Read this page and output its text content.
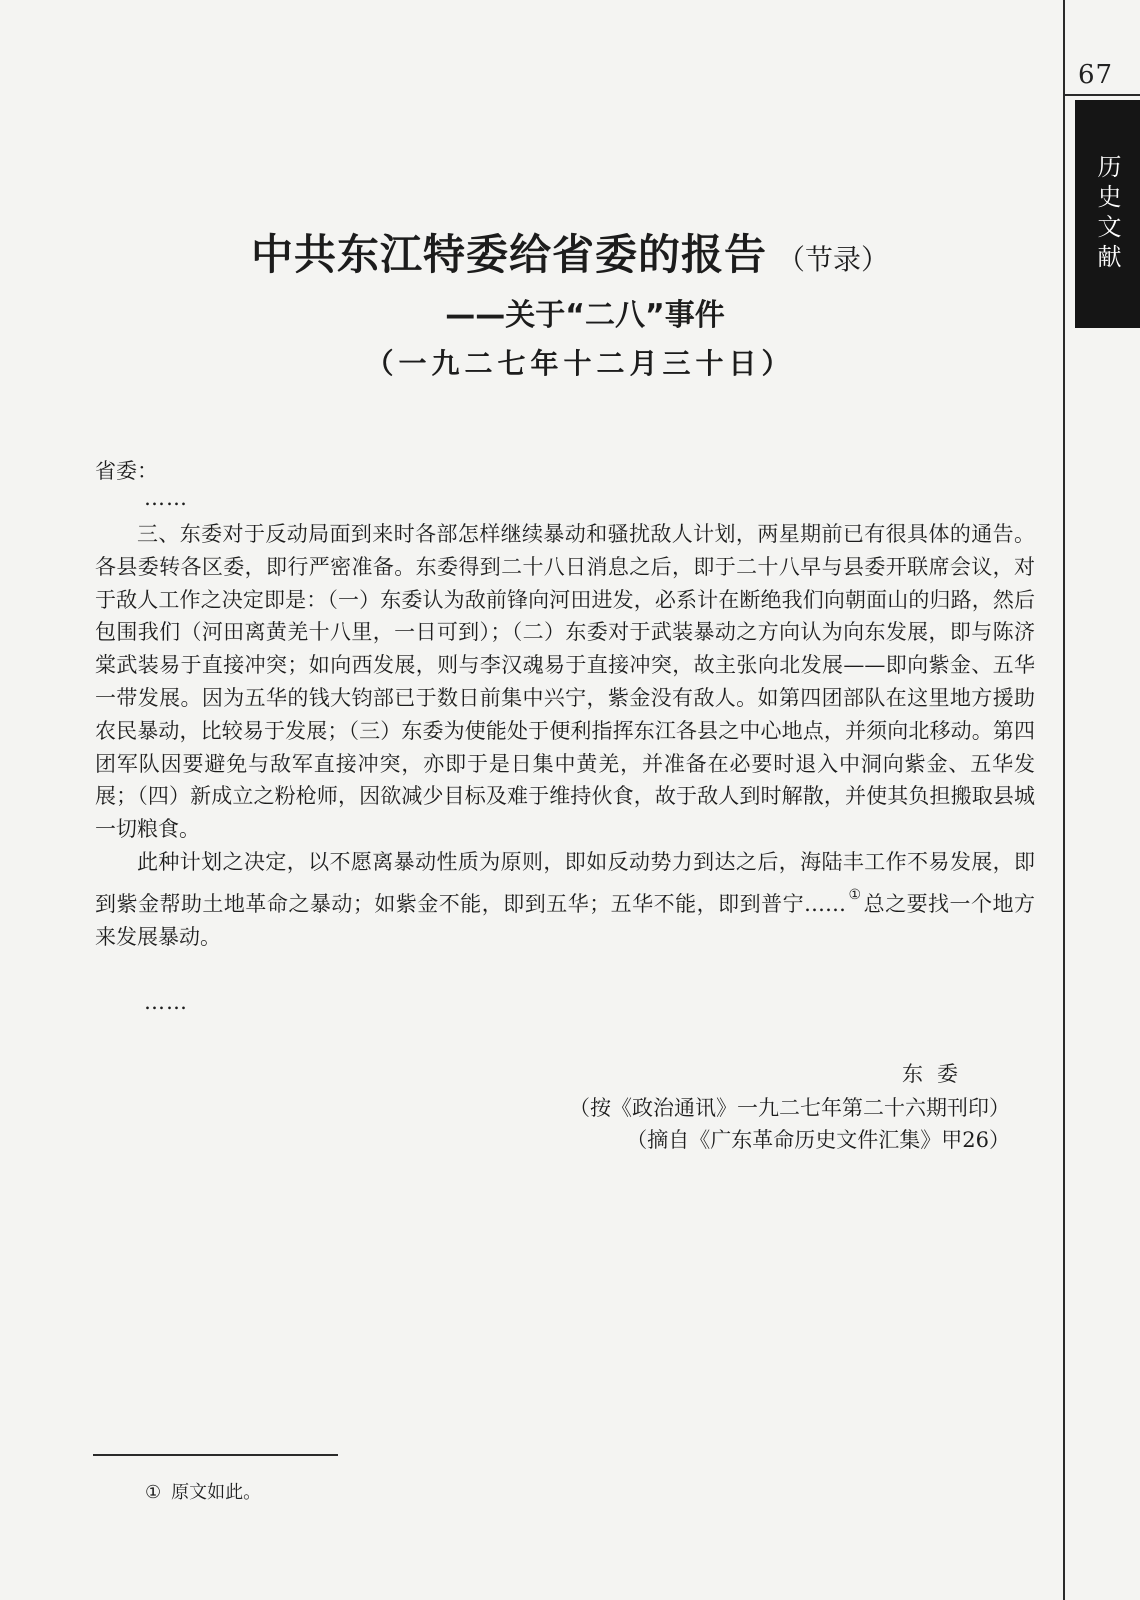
67
历史文献
中共东江特委给省委的报告 （节录）
——关于“二八”事件
（一九二七年十二月三十日）
省委：
……

三、东委对于反动局面到来时各部怎样继续暴动和骚扰敌人计划，两星期前已有很具体的通告。各县委转各区委，即行严密准备。东委得到二十八日消息之后，即于二十八早与县委开联席会议，对于敌人工作之决定即是：（一）东委认为敌前锋向河田进发，必系计在断绝我们向朝面山的归路，然后包围我们（河田离黄羌十八里，一日可到）；（二）东委对于武装暴动之方向认为向东发展，即与陈济棠武装易于直接冲突；如向西发展，则与李汉魂易于直接冲突，故主张向北发展——即向紫金、五华一带发展。因为五华的钱大钧部已于数日前集中兴宁，紫金没有敌人。如第四团部队在这里地方援助农民暴动，比较易于发展；（三）东委为使能处于便利指挥东江各县之中心地点，并须向北移动。第四团军队因要避免与敌军直接冲突，亦即于是日集中黄羌，并准备在必要时退入中洞向紫金、五华发展；（四）新成立之粉枪师，因欲减少目标及难于维持伙食，故于敌人到时解散，并使其负担搬取县城一切粮食。

此种计划之决定，以不愿离暴动性质为原则，即如反动势力到达之后，海陆丰工作不易发展，即到紫金帮助土地革命之暴动；如紫金不能，即到五华；五华不能，即到普宁…… ①总之要找一个地方来发展暴动。

……
东委
（按《政治通讯》一九二七年第二十六期刊印）
（摘自《广东革命历史文件汇集》甲26）
① 原文如此。
